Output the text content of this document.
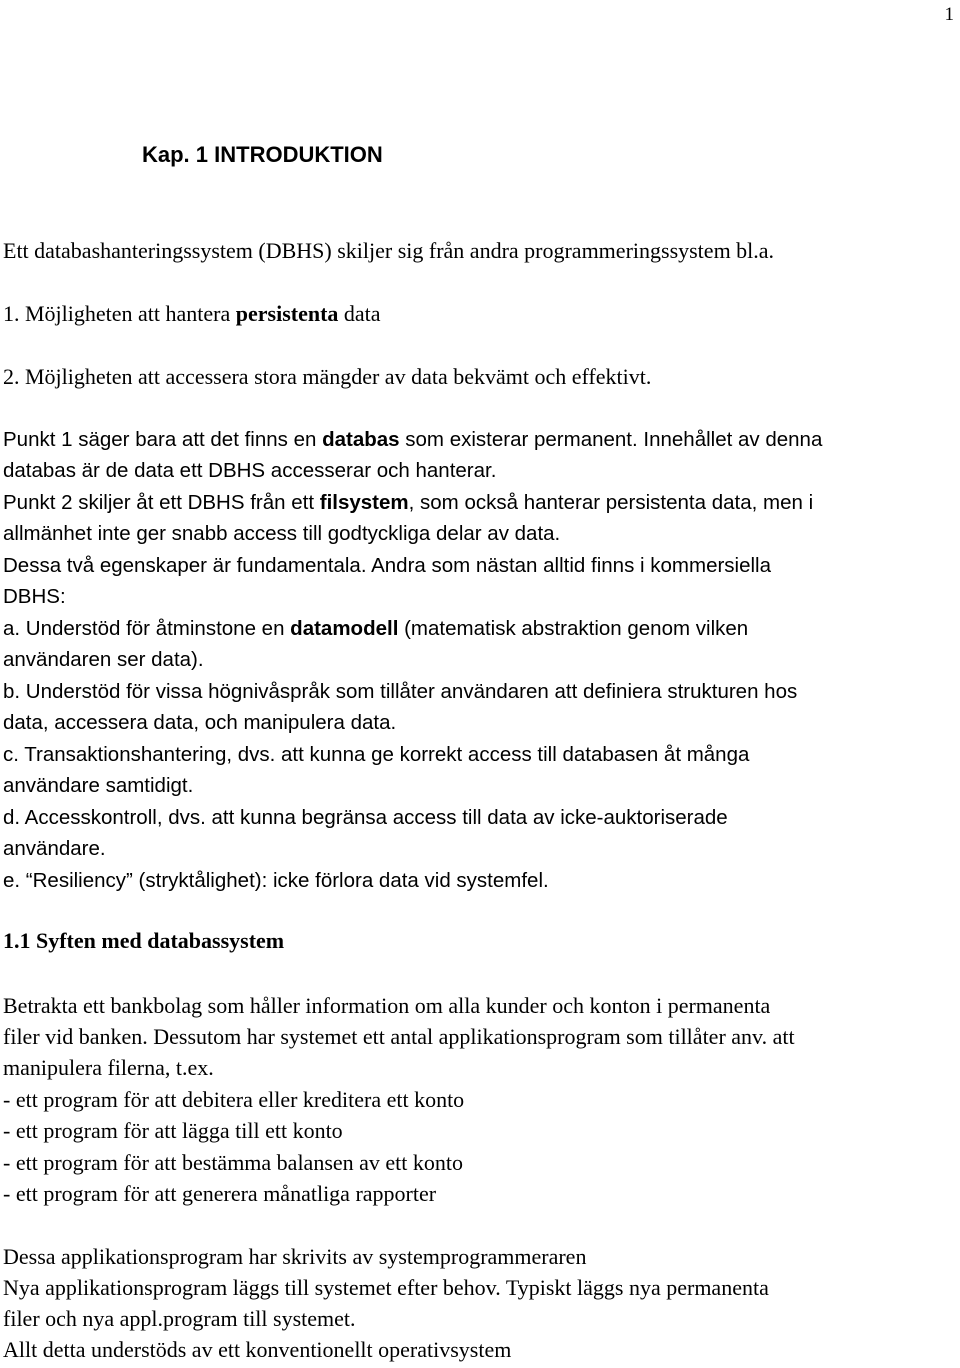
1
Kap. 1 INTRODUKTION
Ett databashanteringssystem (DBHS) skiljer sig från andra programmeringssystem bl.a.
1. Möjligheten att hantera persistenta data
2. Möjligheten att accessera stora mängder av data bekvämt och effektivt.
Punkt 1 säger bara att det finns en databas som existerar permanent. Innehållet av denna
databas är de data ett DBHS accesserar och hanterar.
Punkt 2 skiljer åt ett DBHS från ett filsystem, som också hanterar persistenta data, men i
allmänhet inte ger snabb access till godtyckliga delar av data.
Dessa två egenskaper är fundamentala. Andra som nästan alltid finns i kommersiella
DBHS:
a. Understöd för åtminstone en datamodell (matematisk abstraktion genom vilken
användaren ser data).
b. Understöd för vissa högnivåspråk som tillåter användaren att definiera strukturen hos
data, accessera data, och manipulera data.
c. Transaktionshantering, dvs. att kunna ge korrekt access till databasen åt många
användare samtidigt.
d. Accesskontroll, dvs. att kunna begränsa access till data av icke-auktoriserade
användare.
e. “Resiliency” (stryktålighet): icke förlora data vid systemfel.
1.1 Syften med databassystem
Betrakta ett bankbolag som håller information om alla kunder och konton i permanenta
filer vid banken. Dessutom har systemet ett antal applikationsprogram som tillåter anv. att
manipulera filerna, t.ex.
- ett program för att debitera eller kreditera ett konto
- ett program för att lägga till ett konto
- ett program för att bestämma balansen av ett konto
- ett program för att generera månatliga rapporter
Dessa applikationsprogram har skrivits av systemprogrammeraren
Nya applikationsprogram läggs till systemet efter behov. Typiskt läggs nya permanenta
filer och nya appl.program till systemet.
Allt detta understöds av ett konventionellt operativsystem
